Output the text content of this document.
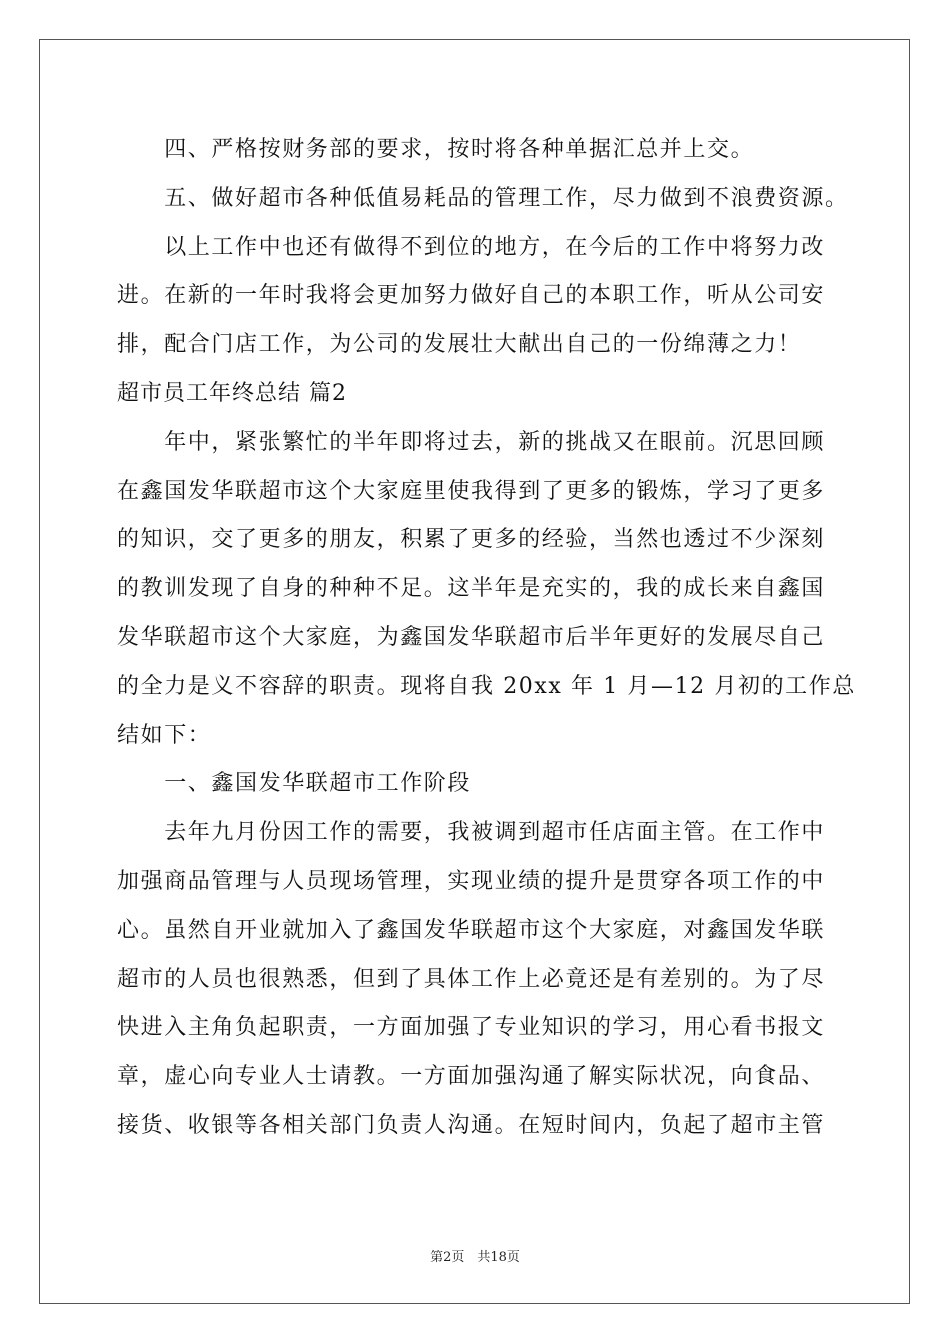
　　四、严格按财务部的要求，按时将各种单据汇总并上交。
　　五、做好超市各种低值易耗品的管理工作，尽力做到不浪费资源。
　　以上工作中也还有做得不到位的地方，在今后的工作中将努力改
进。在新的一年时我将会更加努力做好自己的本职工作，听从公司安
排，配合门店工作，为公司的发展壮大献出自己的一份绵薄之力！
超市员工年终总结 篇2
　　年中，紧张繁忙的半年即将过去，新的挑战又在眼前。沉思回顾
在鑫国发华联超市这个大家庭里使我得到了更多的锻炼，学习了更多
的知识，交了更多的朋友，积累了更多的经验，当然也透过不少深刻
的教训发现了自身的种种不足。这半年是充实的，我的成长来自鑫国
发华联超市这个大家庭，为鑫国发华联超市后半年更好的发展尽自己
的全力是义不容辞的职责。现将自我 20xx 年 1 月—12 月初的工作总
结如下：
　　一、鑫国发华联超市工作阶段
　　去年九月份因工作的需要，我被调到超市任店面主管。在工作中
加强商品管理与人员现场管理，实现业绩的提升是贯穿各项工作的中
心。虽然自开业就加入了鑫国发华联超市这个大家庭，对鑫国发华联
超市的人员也很熟悉，但到了具体工作上必竟还是有差别的。为了尽
快进入主角负起职责，一方面加强了专业知识的学习，用心看书报文
章，虚心向专业人士请教。一方面加强沟通了解实际状况，向食品、
接货、收银等各相关部门负责人沟通。在短时间内，负起了超市主管
第2页　共18页
